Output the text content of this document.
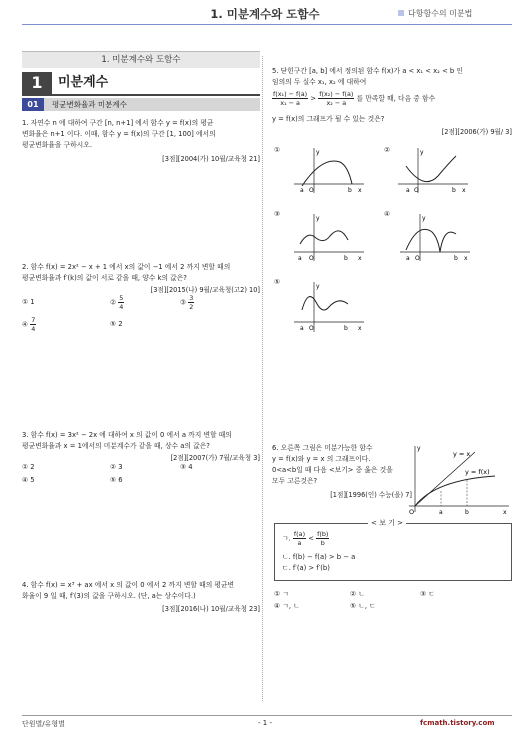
1. 미분계수와 도함수	다항함수의 미분법
1. 미분계수와 도함수
1	미분계수
01	평균변화율과 미분계수
1. 자연수 n 에 대하여 구간 [n, n+1] 에서 함수 y = f(x)의 평균
변화율은 n+1 이다. 이때, 함수 y = f(x)의 구간 [1, 100] 에서의
평균변화율을 구하시오.
[3점][2004(가) 10월/교육청 21]
2. 함수 f(x) = 2x² − x + 1 에서 x의 값이 −1 에서 2 까지 변할 때의
평균변화율과 f′(k)의 값이 서로 같을 때, 양수 k의 값은?
[3점][2015(나) 9월/교육청(고2) 10]
① 1	② $\frac{5}{4}$	③ $\frac{3}{2}$
④ $\frac{7}{4}$	⑤ 2
3. 함수 f(x) = 3x² − 2x 에 대하여 x 의 값이 0 에서 a 까지 변할 때의
평균변화율과 x = 1에서의 미분계수가 같을 때, 상수 a의 값은?
[2점][2007(가) 7월/교육청 3]
① 2	② 3	③ 4
④ 5	⑤ 6
4. 함수 f(x) = x³ + ax 에서 x 의 값이 0 에서 2 까지 변할 때의 평균변
화율이 9 일 때, f′(3)의 값을 구하시오. (단, a는 상수이다.)
[3점][2016(나) 10월/교육청 23]
5. 닫힌구간 [a, b] 에서 정의된 함수 f(x)가 a < x₁ < x₂ < b 인
임의의 두 실수 x₁, x₂ 에 대하여
$\frac{\text{f(x₁) − f(a)}}{\text{x₁ − a}} > \frac{\text{f(x₂) − f(a)}}{\text{x₂ − a}}$ 를 만족할 때, 다음 중 함수
y = f(x)의 그래프가 될 수 있는 것은?
[2점][2006(가) 9월/ 3]
①	②
③	④
⑤
y
a O	b x
y
a O	b x
y
a O	b x
y
a O	b x
y
a O	b x
6. 오른쪽 그림은 미분가능한 함수
y = f(x)와 y = x 의 그래프이다.
0<a<b일 때 다음 <보기> 중 옳은 것을
모두 고른것은?
[1점][1996(인) 수능(을) 7]
y
O	a	b	x
y = x
y = f(x)
< 보 기 >
ㄱ. $\frac{f(a)}{a} < \frac{f(b)}{b}$
ㄴ. f(b) − f(a) > b − a
ㄷ. f′(a) > f′(b)
① ㄱ	② ㄴ	③ ㄷ
④ ㄱ, ㄴ	⑤ ㄴ, ㄷ
단원별/유형별	- 1 -	fcmath.tistory.com
